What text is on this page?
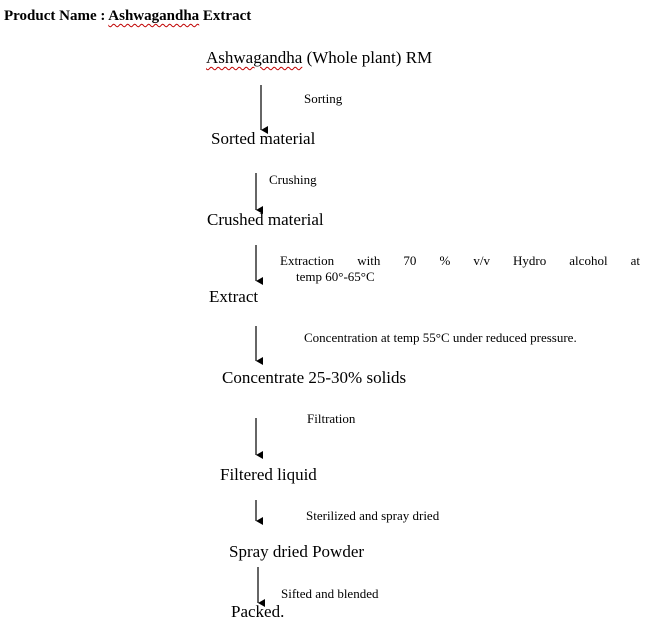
Product Name : Ashwagandha Extract
Ashwagandha (Whole plant) RM
Sorted material
Crushed material
Extract
Concentrate 25-30% solids
Filtered liquid
Spray dried Powder
Packed.
Sorting
Crushing
Extraction with 70 % v/v Hydro alcohol at
temp 60°-65°C
Concentration at temp 55°C under reduced pressure.
Filtration
Sterilized and spray dried
Sifted and blended
